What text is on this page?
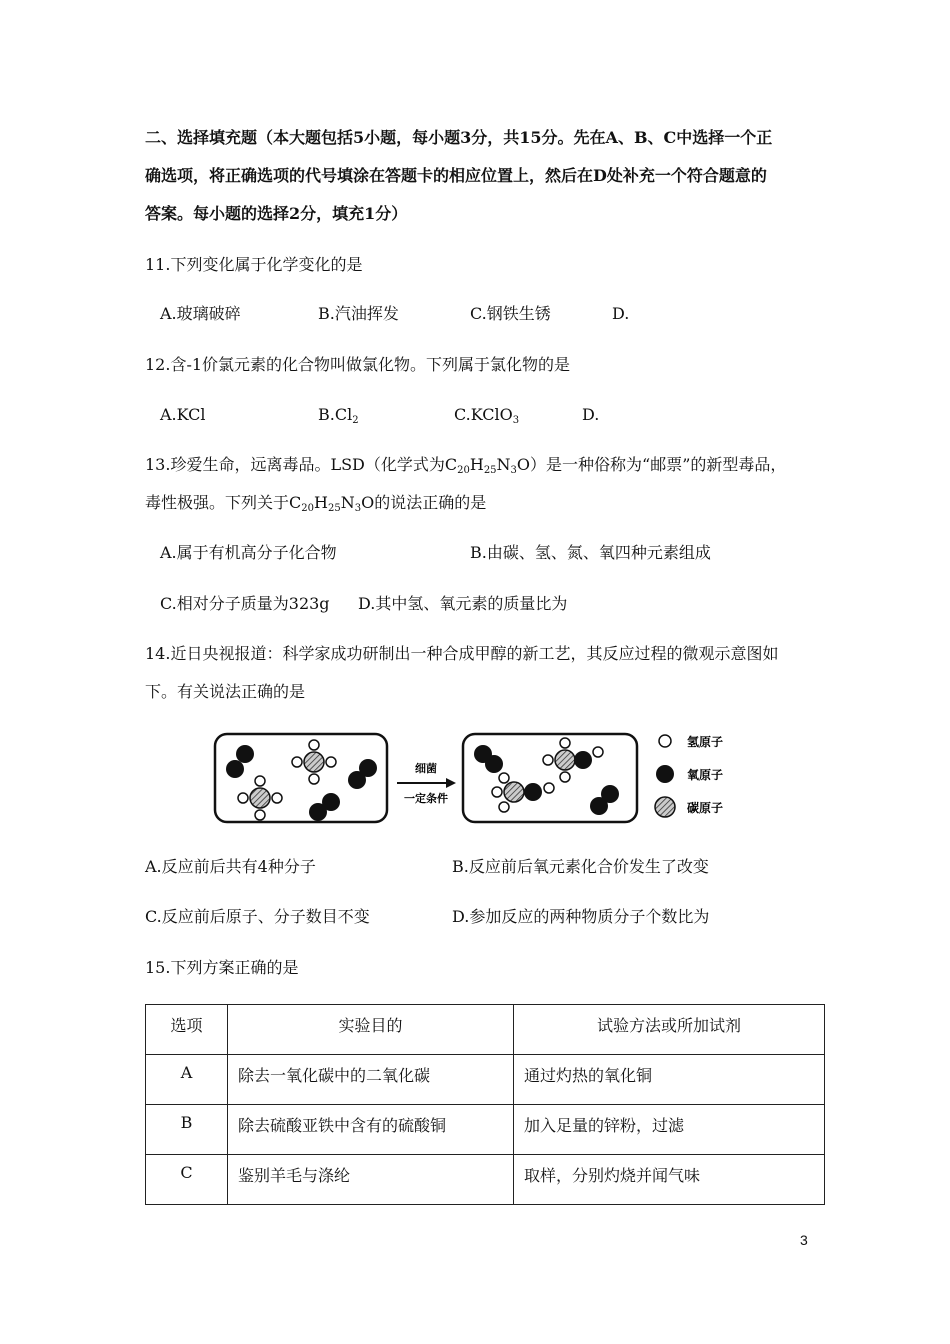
二、选择填充题（本大题包括5小题，每小题3分，共15分。先在A、B、C中选择一个正
确选项，将正确选项的代号填涂在答题卡的相应位置上，然后在D处补充一个符合题意的
答案。每小题的选择2分，填充1分）
11.下列变化属于化学变化的是
A.玻璃破碎	B.汽油挥发	C.钢铁生锈	D.
12.含-1价氯元素的化合物叫做氯化物。下列属于氯化物的是
A.KCl	$B.Cl_2$	C.KClO$_3$	D.
13.珍爱生命，远离毒品。LSD（化学式为$C_{20}H_{25}N_3O$）是一种俗称为“邮票”的新型毒品，
毒性极强。下列关于$C_{20}H_{25}N_3O$的说法正确的是
A.属于有机高分子化合物	B.由碳、氢、氮、氧四种元素组成
C.相对分子质量为323g D.其中氢、氧元素的质量比为
14.近日央视报道：科学家成功研制出一种合成甲醇的新工艺，其反应过程的微观示意图如
下。有关说法正确的是
细菌
一定条件
氢原子
氧原子
碳原子
A.反应前后共有4种分子	B.反应前后氧元素化合价发生了改变
C.反应前后原子、分子数目不变	D.参加反应的两种物质分子个数比为
15.下列方案正确的是
选项	实验目的	试验方法或所加试剂
A	除去一氧化碳中的二氧化碳	通过灼热的氧化铜
B	除去硫酸亚铁中含有的硫酸铜	加入足量的锌粉，过滤
C	鉴别羊毛与涤纶	取样，分别灼烧并闻气味
3
